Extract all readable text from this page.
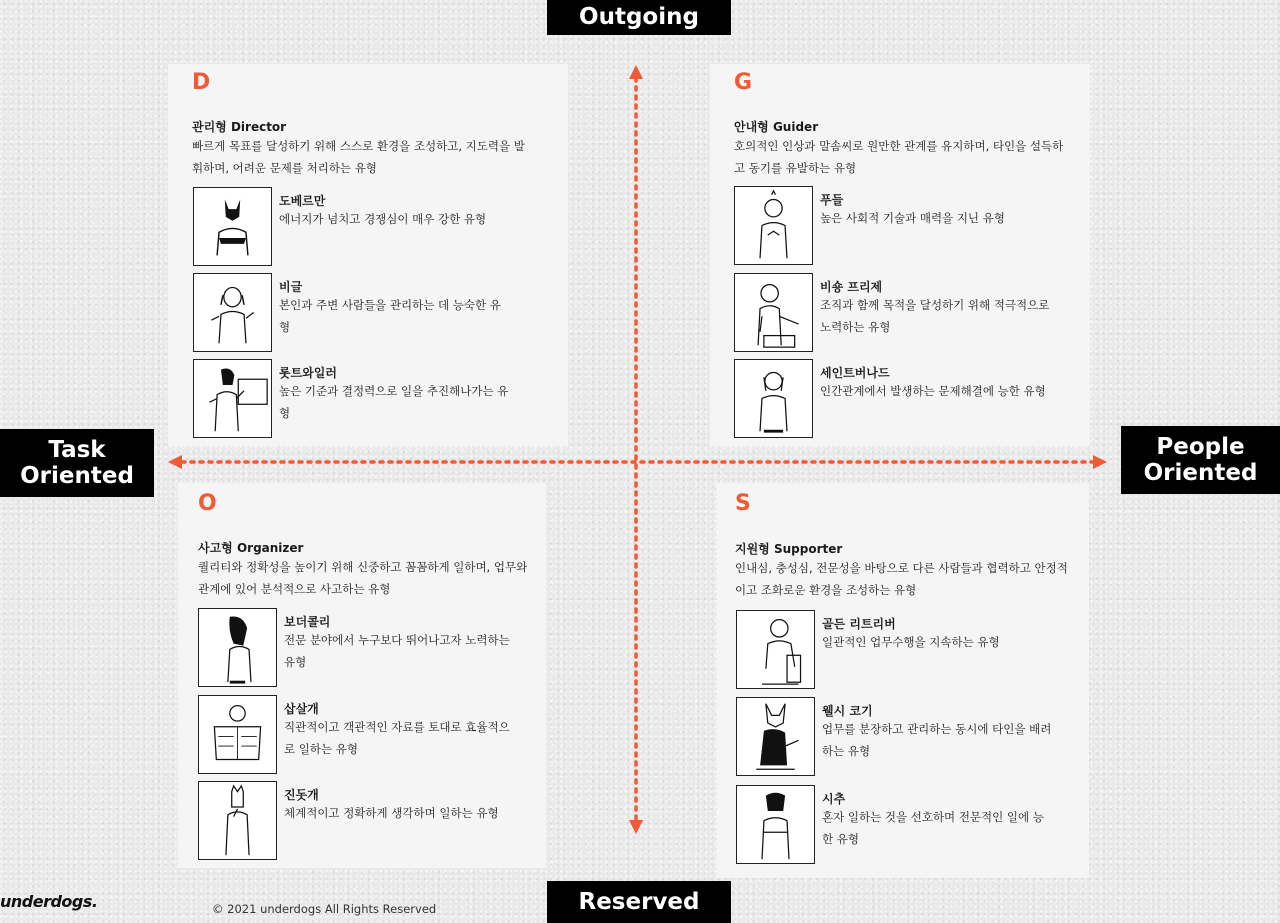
Outgoing
Reserved
Task
Oriented
People
Oriented
D
관리형 Director
빠르게 목표를 달성하기 위해 스스로 환경을 조성하고, 지도력을 발휘하며, 어려운 문제를 처리하는 유형
도베르만
에너지가 넘치고 경쟁심이 매우 강한 유형
비글
본인과 주변 사람들을 관리하는 데 능숙한 유형
롯트와일러
높은 기준과 결정력으로 일을 추진해나가는 유형
G
안내형 Guider
호의적인 인상과 말솜씨로 원만한 관계를 유지하며, 타인을 설득하고 동기를 유발하는 유형
푸들
높은 사회적 기술과 매력을 지닌 유형
비숑 프리제
조직과 함께 목적을 달성하기 위해 적극적으로 노력하는 유형
세인트버나드
인간관계에서 발생하는 문제해결에 능한 유형
O
사고형 Organizer
퀄리티와 정확성을 높이기 위해 신중하고 꼼꼼하게 일하며, 업무와 관계에 있어 분석적으로 사고하는 유형
보더콜리
전문 분야에서 누구보다 뛰어나고자 노력하는 유형
삽살개
직관적이고 객관적인 자료를 토대로 효율적으로 일하는 유형
진돗개
체계적이고 정확하게 생각하며 일하는 유형
S
지원형 Supporter
인내심, 충성심, 전문성을 바탕으로 다른 사람들과 협력하고 안정적이고 조화로운 환경을 조성하는 유형
골든 리트리버
일관적인 업무수행을 지속하는 유형
웰시 코기
업무를 분장하고 관리하는 동시에 타인을 배려하는 유형
시추
혼자 일하는 것을 선호하며 전문적인 일에 능한 유형
underdogs.	© 2021 underdogs All Rights Reserved
